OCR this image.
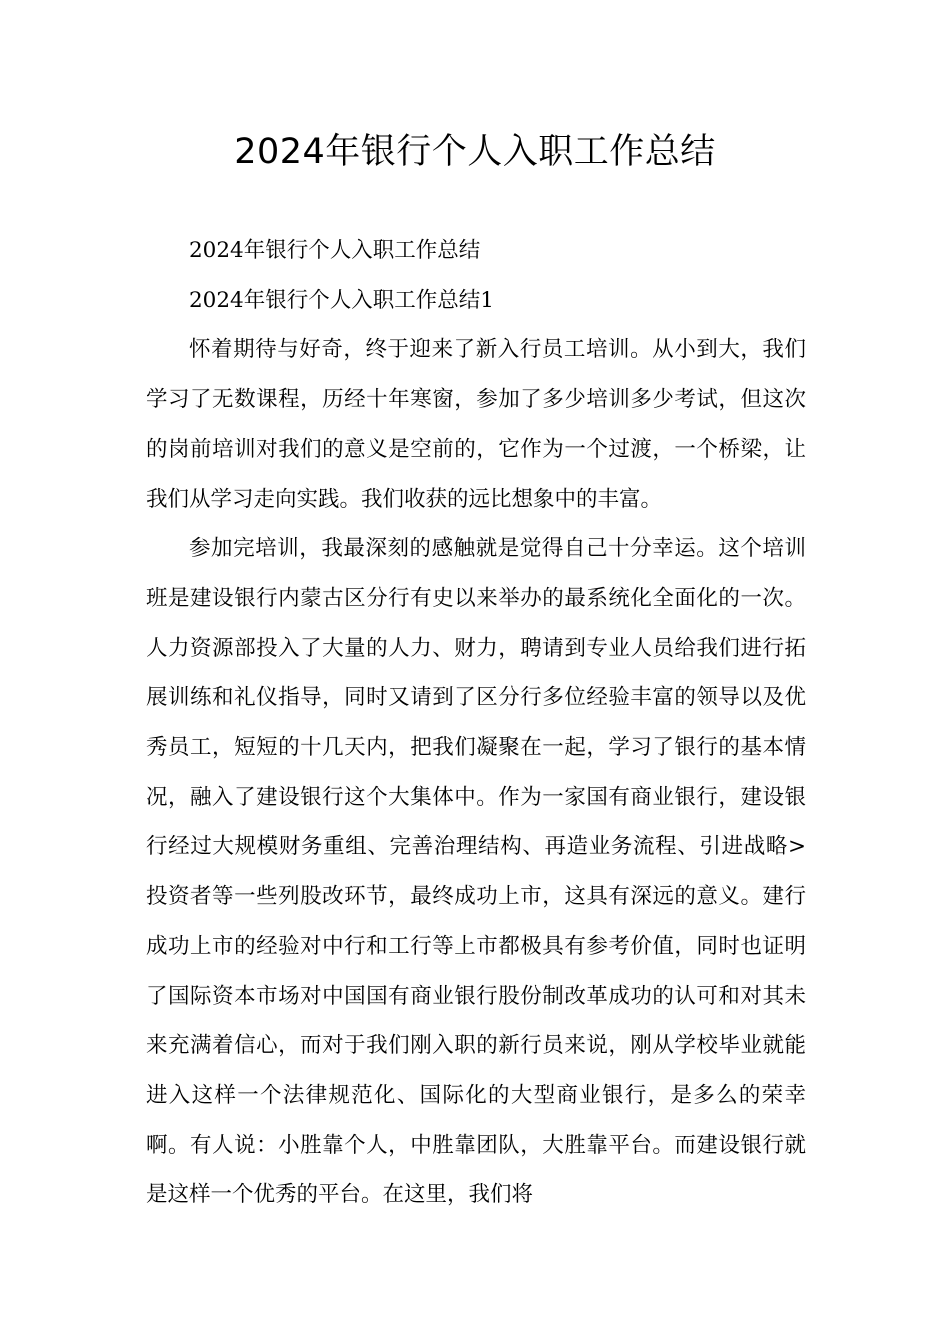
2024年银行个人入职工作总结

2024年银行个人入职工作总结

2024年银行个人入职工作总结1

怀着期待与好奇，终于迎来了新入行员工培训。从小到大，我们学习了无数课程，历经十年寒窗，参加了多少培训多少考试，但这次的岗前培训对我们的意义是空前的，它作为一个过渡，一个桥梁，让我们从学习走向实践。我们收获的远比想象中的丰富。

参加完培训，我最深刻的感触就是觉得自己十分幸运。这个培训班是建设银行内蒙古区分行有史以来举办的最系统化全面化的一次。人力资源部投入了大量的人力、财力，聘请到专业人员给我们进行拓展训练和礼仪指导，同时又请到了区分行多位经验丰富的领导以及优秀员工，短短的十几天内，把我们凝聚在一起，学习了银行的基本情况，融入了建设银行这个大集体中。作为一家国有商业银行，建设银行经过大规模财务重组、完善治理结构、再造业务流程、引进战略>投资者等一些列股改环节，最终成功上市，这具有深远的意义。建行成功上市的经验对中行和工行等上市都极具有参考价值，同时也证明了国际资本市场对中国国有商业银行股份制改革成功的认可和对其未来充满着信心，而对于我们刚入职的新行员来说，刚从学校毕业就能进入这样一个法律规范化、国际化的大型商业银行，是多么的荣幸啊。有人说：小胜靠个人，中胜靠团队，大胜靠平台。而建设银行就是这样一个优秀的平台。在这里，我们将
